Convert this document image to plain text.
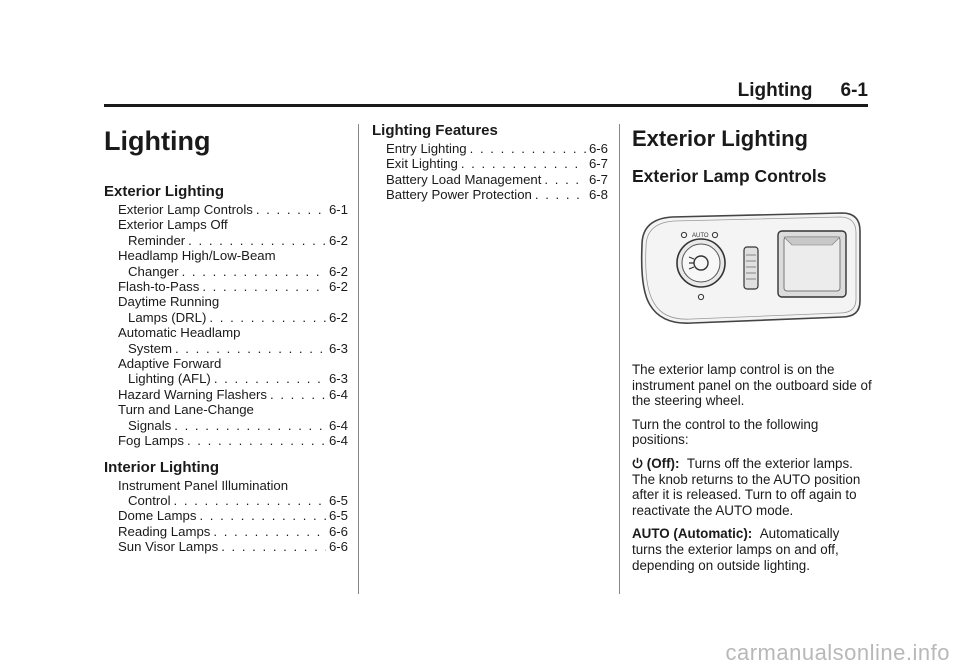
Lighting 6-1
Lighting
Exterior Lighting
Exterior Lamp Controls . . .	6-1
Exterior Lamps Off
Reminder . . .	6-2
Headlamp High/Low-Beam
Changer . . .	6-2
Flash-to-Pass . . .	6-2
Daytime Running
Lamps (DRL) . . .	6-2
Automatic Headlamp
System . . .	6-3
Adaptive Forward
Lighting (AFL) . . .	6-3
Hazard Warning Flashers . . .	6-4
Turn and Lane-Change
Signals . . .	6-4
Fog Lamps . . .	6-4
Interior Lighting
Instrument Panel Illumination
Control . . .	6-5
Dome Lamps . . .	6-5
Reading Lamps . . .	6-6
Sun Visor Lamps . . .	6-6
Lighting Features
Entry Lighting . . .	6-6
Exit Lighting . . .	6-7
Battery Load Management . . .	6-7
Battery Power Protection . . .	6-8
Exterior Lighting
Exterior Lamp Controls
AUTO

The exterior lamp control is on the instrument panel on the outboard side of the steering wheel.

Turn the control to the following positions:

(Off): Turns off the exterior lamps. The knob returns to the AUTO position after it is released. Turn to off again to reactivate the AUTO mode.

AUTO (Automatic): Automatically turns the exterior lamps on and off, depending on outside lighting.

carmanualsonline.info
